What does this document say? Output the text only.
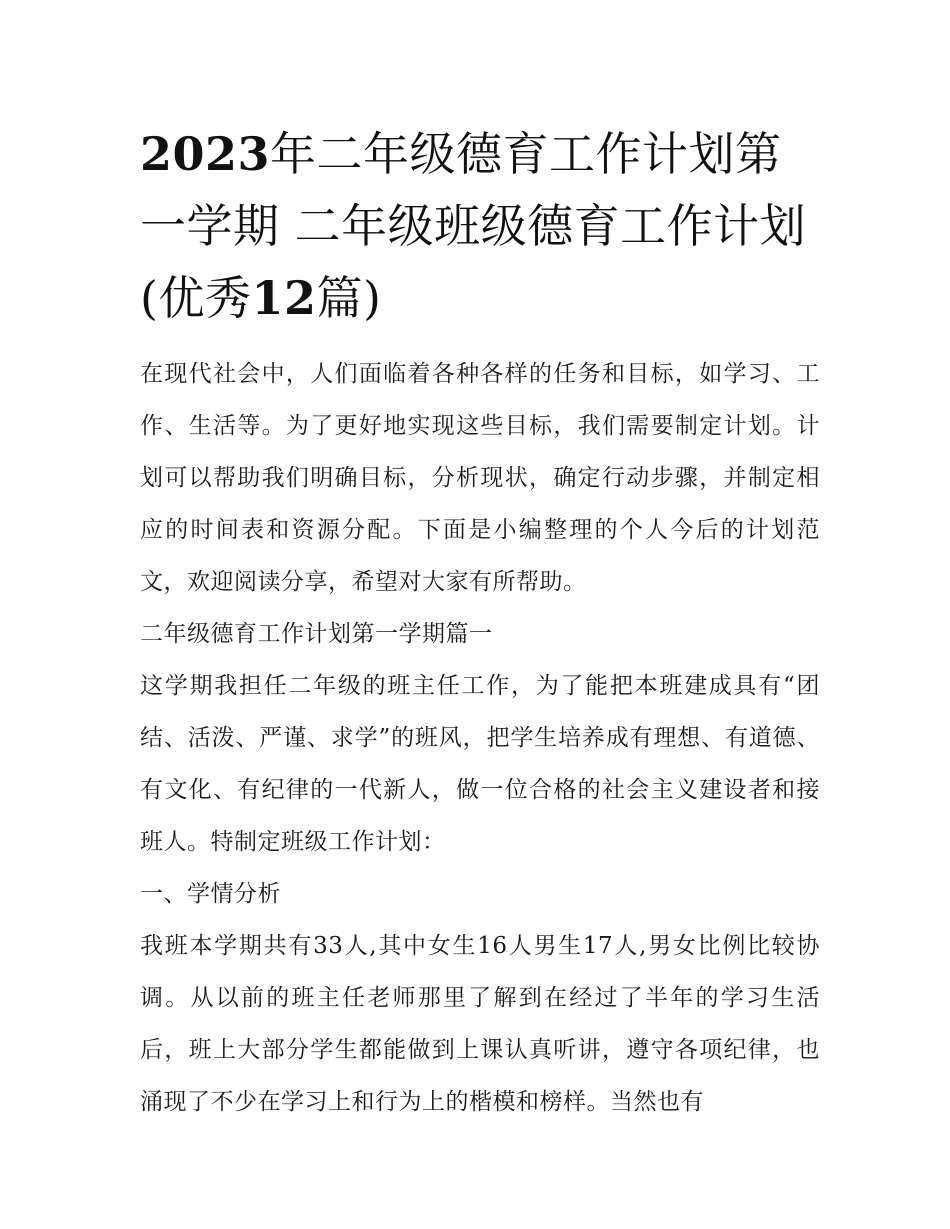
2023年二年级德育工作计划第一学期 二年级班级德育工作计划(优秀12篇)

在现代社会中，人们面临着各种各样的任务和目标，如学习、工作、生活等。为了更好地实现这些目标，我们需要制定计划。计划可以帮助我们明确目标，分析现状，确定行动步骤，并制定相应的时间表和资源分配。下面是小编整理的个人今后的计划范文，欢迎阅读分享，希望对大家有所帮助。

二年级德育工作计划第一学期篇一

这学期我担任二年级的班主任工作，为了能把本班建成具有“团结、活泼、严谨、求学”的班风，把学生培养成有理想、有道德、有文化、有纪律的一代新人，做一位合格的社会主义建设者和接班人。特制定班级工作计划：

一、学情分析

我班本学期共有33人,其中女生16人男生17人,男女比例比较协调。从以前的班主任老师那里了解到在经过了半年的学习生活后，班上大部分学生都能做到上课认真听讲，遵守各项纪律，也涌现了不少在学习上和行为上的楷模和榜样。当然也有
